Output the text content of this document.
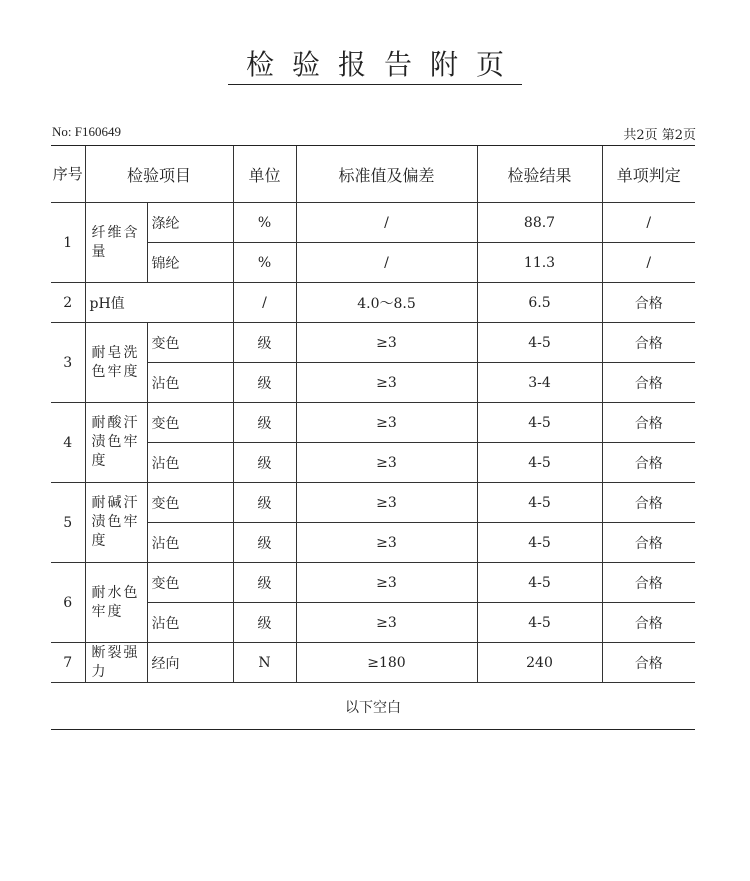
检验报告附页
No: F160649	共2页 第2页
序号	检验项目		单位	标准值及偏差	检验结果	单项判定
1	纤维含量	涤纶	%	/	88.7	/
		锦纶	%	/	11.3	/
2	pH值		/	4.0～8.5	6.5	合格
3	耐皂洗色牢度	变色	级	≥3	4-5	合格
		沾色	级	≥3	3-4	合格
4	耐酸汗渍色牢度	变色	级	≥3	4-5	合格
		沾色	级	≥3	4-5	合格
5	耐碱汗渍色牢度	变色	级	≥3	4-5	合格
		沾色	级	≥3	4-5	合格
6	耐水色牢度	变色	级	≥3	4-5	合格
		沾色	级	≥3	4-5	合格
7	断裂强力	经向	N	≥180	240	合格
以下空白
